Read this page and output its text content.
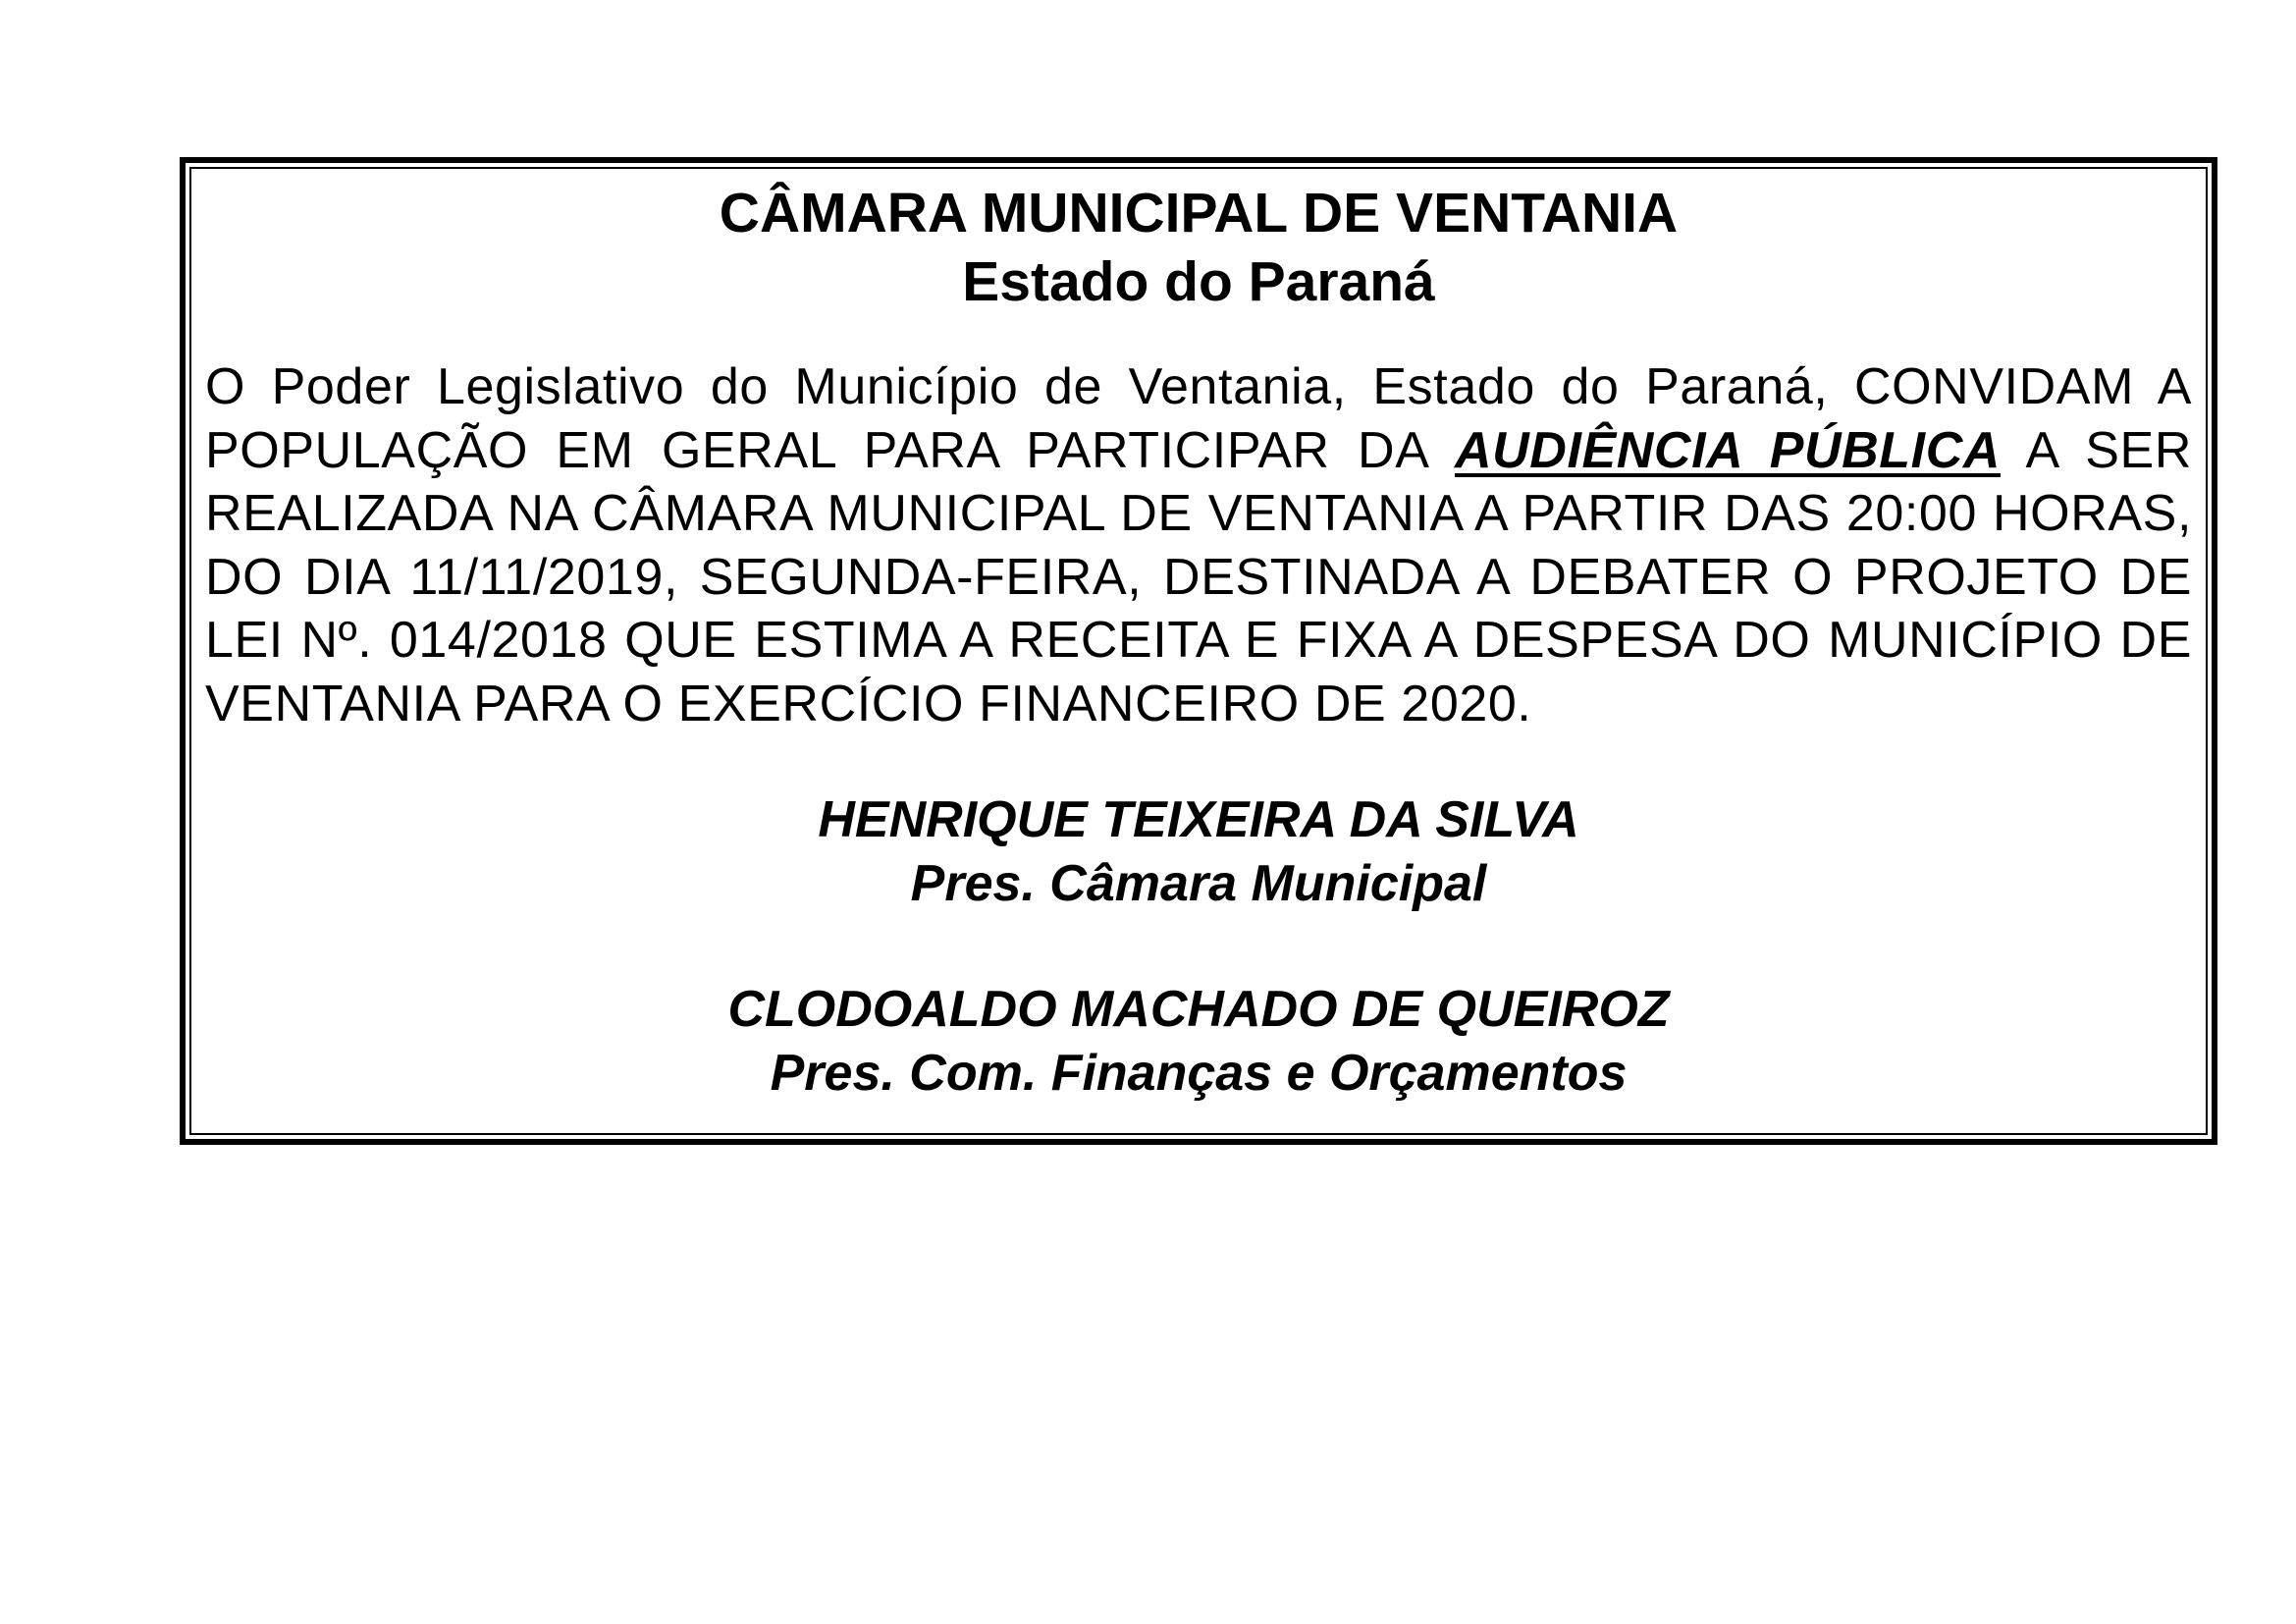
CÂMARA MUNICIPAL DE VENTANIA

Estado do Paraná

O Poder Legislativo do Município de Ventania, Estado do Paraná, CONVIDAM A POPULAÇÃO EM GERAL PARA PARTICIPAR DA AUDIÊNCIA PÚBLICA A SER REALIZADA NA CÂMARA MUNICIPAL DE VENTANIA A PARTIR DAS 20:00 HORAS, DO DIA 11/11/2019, SEGUNDA-FEIRA, DESTINADA A DEBATER O PROJETO DE LEI Nº. 014/2018 QUE ESTIMA A RECEITA E FIXA A DESPESA DO MUNICÍPIO DE VENTANIA PARA O EXERCÍCIO FINANCEIRO DE 2020.

HENRIQUE TEIXEIRA DA SILVA

Pres. Câmara Municipal

CLODOALDO MACHADO DE QUEIROZ

Pres. Com. Finanças e Orçamentos
